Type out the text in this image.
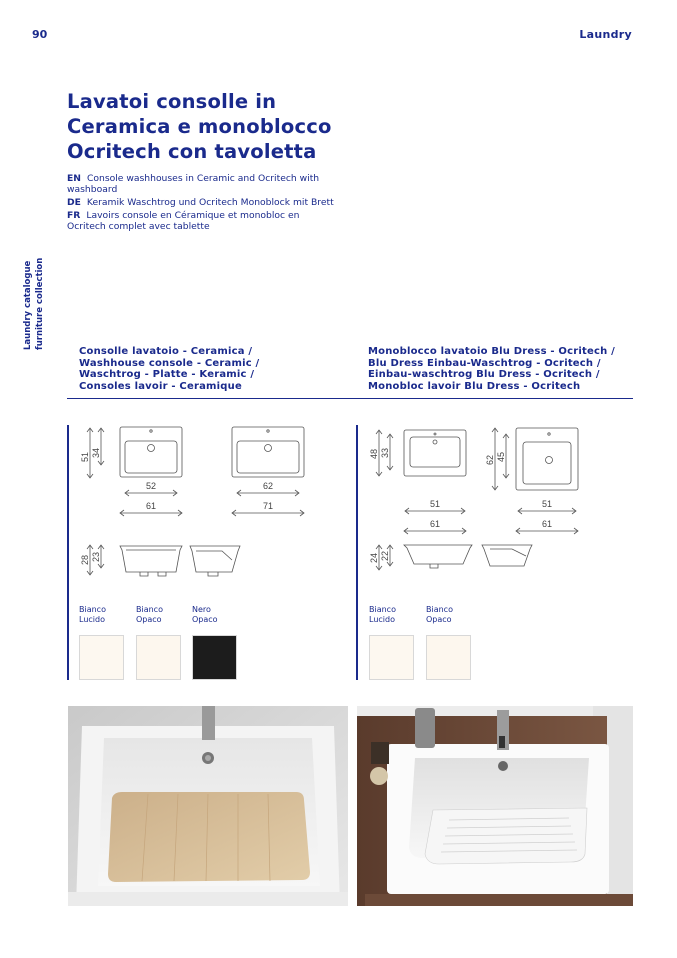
90	Laundry
Laundry catalogue furniture collection
Lavatoi consolle in
Ceramica e monoblocco
Ocritech con tavoletta

EN Console washhouses in Ceramic and Ocritech with washboard

DE Keramik Waschtrog und Ocritech Monoblock mit Brett

FR Lavoirs console en Céramique et monobloc en Ocritech complet avec tablette

Consolle lavatoio - Ceramica /
Washhouse console - Ceramic /
Waschtrog - Platte - Keramic /
Consoles lavoir - Ceramique
Monoblocco lavatoio Blu Dress - Ocritech /
Blu Dress Einbau-Waschtrog - Ocritech /
Einbau-waschtrog Blu Dress - Ocritech /
Monobloc lavoir Blu Dress - Ocritech
51 34
52
61
62
71
28 23
48 33
62 45
51
61
51
61
24 22
Bianco
Lucido
Bianco
Opaco
Nero
Opaco
Bianco
Lucido
Bianco
Opaco
